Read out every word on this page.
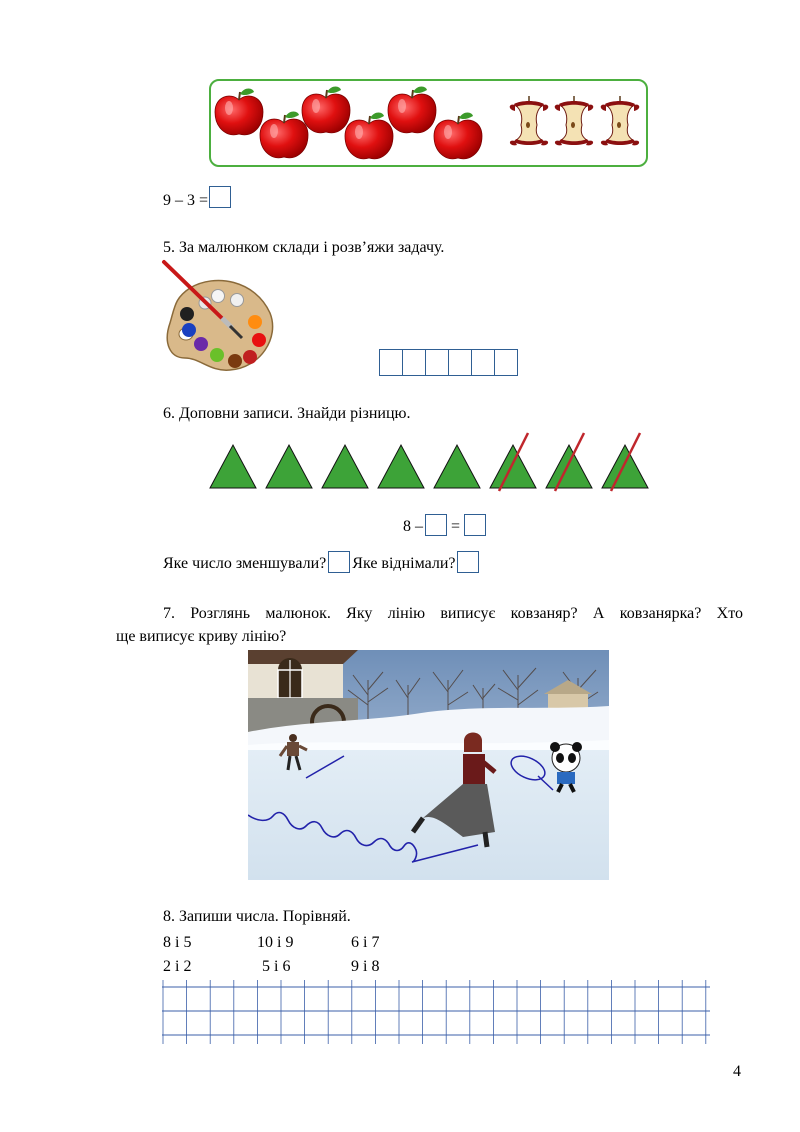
9 – 3 =
5. За малюнком склади і розв’яжи задачу.
6. Доповни записи. Знайди різницю.
8 – =
Яке число зменшували? Яке віднімали?
7. Розглянь малюнок. Яку лінію виписує ковзаняр? А ковзанярка? Хто
ще виписує криву лінію?
8. Запиши числа. Порівняй.
8 і 5	10 і 9	6 і 7
2 і 2	5 і 6	9 і 8
4
